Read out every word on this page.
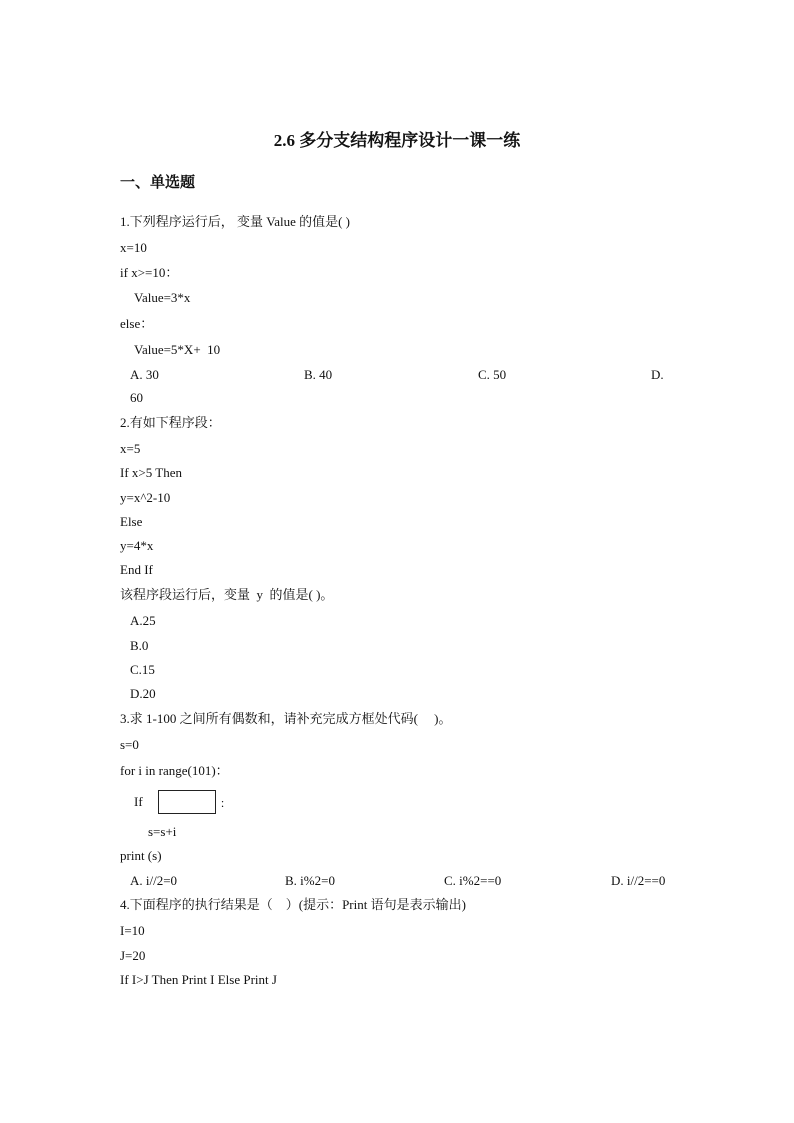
2.6 多分支结构程序设计一课一练
一、单选题
1.下列程序运行后， 变量 Value 的值是( )
x=10
if x>=10：
Value=3*x
else：
Value=5*X+  10
A. 30	B. 40	C. 50	D.
60
2.有如下程序段：
x=5
If x>5 Then
y=x^2-10
Else
y=4*x
End If
该程序段运行后，变量  y  的值是( )。
A.25
B.0
C.15
D.20
3.求 1-100 之间所有偶数和，请补充完成方框处代码(     )。
s=0
for i in range(101)：
If	：
s=s+i
print (s)
A. i//2=0	B. i%2=0	C. i%2==0	D. i//2==0
4.下面程序的执行结果是（    ）(提示：Print 语句是表示输出)
I=10
J=20
If I>J Then Print I Else Print J
